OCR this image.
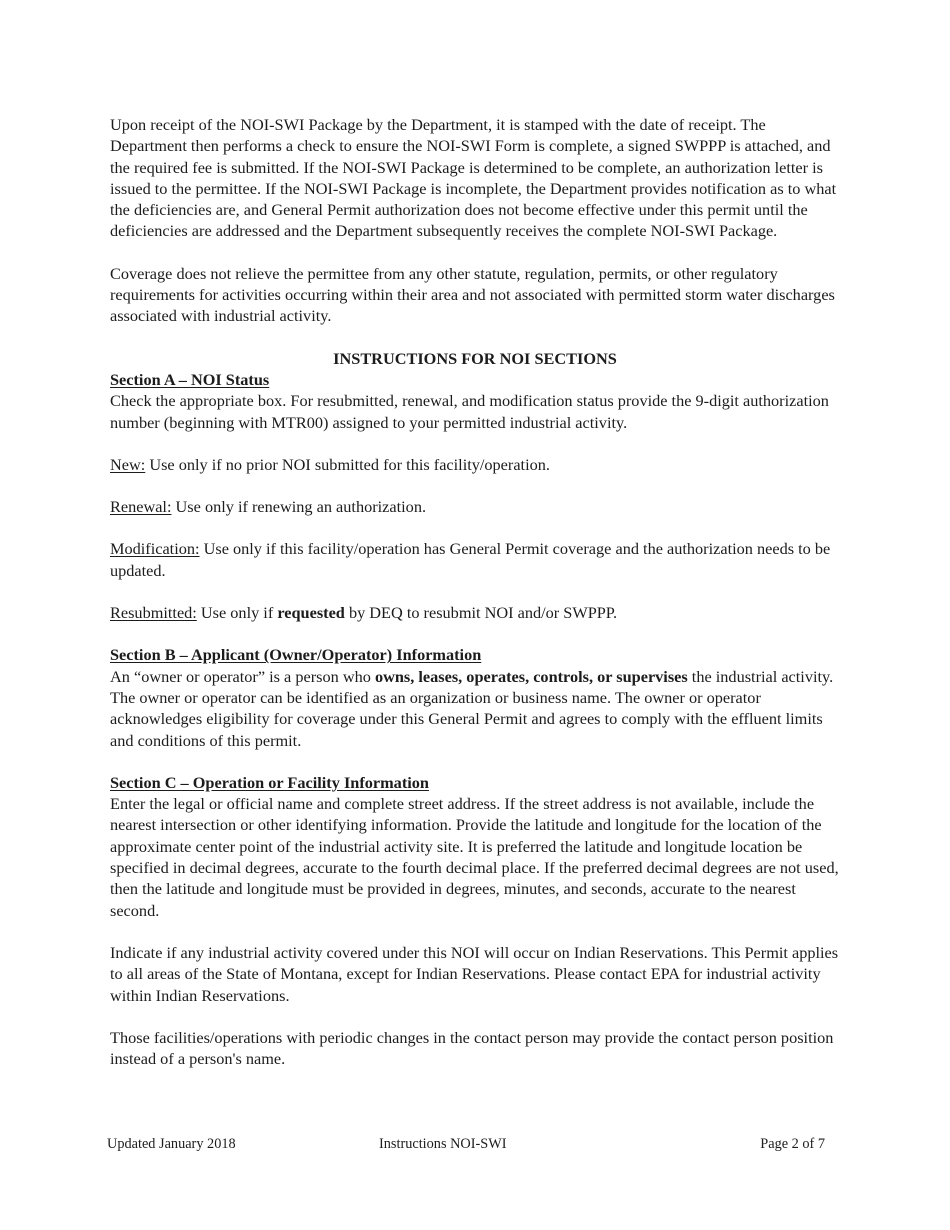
Upon receipt of the NOI-SWI Package by the Department, it is stamped with the date of receipt. The Department then performs a check to ensure the NOI-SWI Form is complete, a signed SWPPP is attached, and the required fee is submitted. If the NOI-SWI Package is determined to be complete, an authorization letter is issued to the permittee. If the NOI-SWI Package is incomplete, the Department provides notification as to what the deficiencies are, and General Permit authorization does not become effective under this permit until the deficiencies are addressed and the Department subsequently receives the complete NOI-SWI Package.

Coverage does not relieve the permittee from any other statute, regulation, permits, or other regulatory requirements for activities occurring within their area and not associated with permitted storm water discharges associated with industrial activity.

INSTRUCTIONS FOR NOI SECTIONS

Section A – NOI Status

Check the appropriate box. For resubmitted, renewal, and modification status provide the 9-digit authorization number (beginning with MTR00) assigned to your permitted industrial activity.

New: Use only if no prior NOI submitted for this facility/operation.

Renewal: Use only if renewing an authorization.

Modification: Use only if this facility/operation has General Permit coverage and the authorization needs to be updated.

Resubmitted: Use only if requested by DEQ to resubmit NOI and/or SWPPP.

Section B – Applicant (Owner/Operator) Information

An “owner or operator” is a person who owns, leases, operates, controls, or supervises the industrial activity. The owner or operator can be identified as an organization or business name. The owner or operator acknowledges eligibility for coverage under this General Permit and agrees to comply with the effluent limits and conditions of this permit.

Section C – Operation or Facility Information

Enter the legal or official name and complete street address. If the street address is not available, include the nearest intersection or other identifying information. Provide the latitude and longitude for the location of the approximate center point of the industrial activity site. It is preferred the latitude and longitude location be specified in decimal degrees, accurate to the fourth decimal place. If the preferred decimal degrees are not used, then the latitude and longitude must be provided in degrees, minutes, and seconds, accurate to the nearest second.

Indicate if any industrial activity covered under this NOI will occur on Indian Reservations. This Permit applies to all areas of the State of Montana, except for Indian Reservations. Please contact EPA for industrial activity within Indian Reservations.

Those facilities/operations with periodic changes in the contact person may provide the contact person position instead of a person's name.

Updated January 2018	Instructions NOI-SWI	Page 2 of 7
